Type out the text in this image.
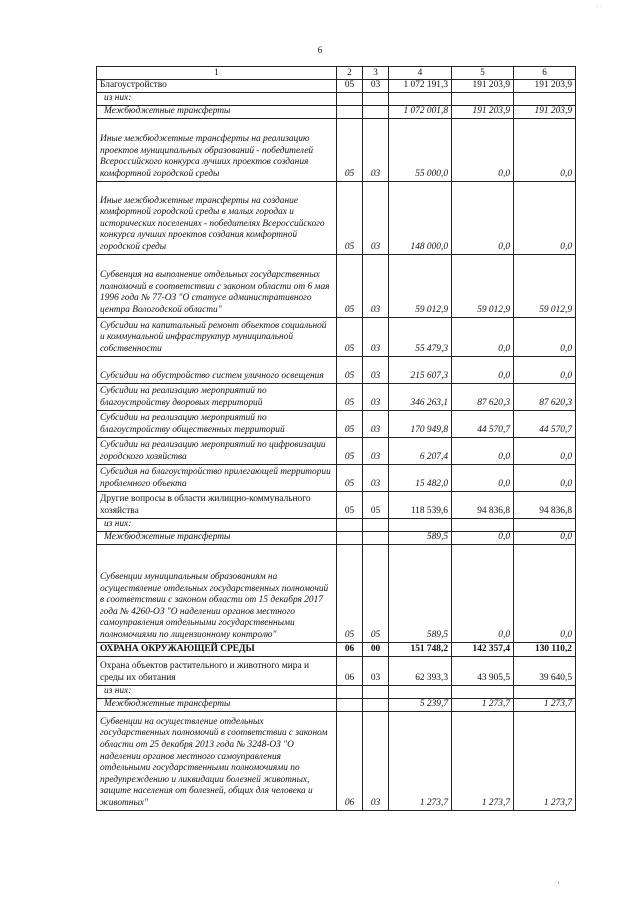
6
1	2	3	4	5	6
Благоустройство	05	03	1 072 191,3	191 203,9	191 203,9
из них:					
Межбюджетные трансферты			1 072 001,8	191 203,9	191 203,9
Иные межбюджетные трансферты на реализацию проектов муниципальных образований - победителей Всероссийского конкурса лучших проектов создания комфортной городской среды	05	03	55 000,0	0,0	0,0
Иные межбюджетные трансферты на создание комфортной городской среды в малых городах и исторических поселениях - победителях Всероссийского конкурса лучших проектов создания комфортной городской среды	05	03	148 000,0	0,0	0,0
Субвенция на выполнение отдельных государственных полномочий в соответствии с законом области от 6 мая 1996 года № 77-ОЗ "О статусе административного центра Вологодской области"	05	03	59 012,9	59 012,9	59 012,9
Субсидии на капитальный ремонт объектов социальной и коммунальной инфраструктур муниципальной собственности	05	03	55 479,3	0,0	0,0
Субсидии на обустройство систем уличного освещения	05	03	215 607,3	0,0	0,0
Субсидии на реализацию мероприятий по благоустройству дворовых территорий	05	03	346 263,1	87 620,3	87 620,3
Субсидии на реализацию мероприятий по благоустройству общественных территорий	05	03	170 949,8	44 570,7	44 570,7
Субсидии на реализацию мероприятий по цифровизации городского хозяйства	05	03	6 207,4	0,0	0,0
Субсидия на благоустройство прилегающей территории проблемного объекта	05	03	15 482,0	0,0	0,0
Другие вопросы в области жилищно-коммунального хозяйства	05	05	118 539,6	94 836,8	94 836,8
из них:					
Межбюджетные трансферты			589,5	0,0	0,0
Субвенции муниципальным образованиям на осуществление отдельных государственных полномочий в соответствии с законом области от 15 декабря 2017 года № 4260-ОЗ "О наделении органов местного самоуправления отдельными государственными полномочиями по лицензионному контролю"	05	05	589,5	0,0	0,0
ОХРАНА ОКРУЖАЮЩЕЙ СРЕДЫ	06	00	151 748,2	142 357,4	130 110,2
Охрана объектов растительного и животного мира и среды их обитания	06	03	62 393,3	43 905,5	39 640,5
из них:					
Межбюджетные трансферты			5 239,7	1 273,7	1 273,7
Субвенции на осуществление отдельных государственных полномочий в соответствии с законом области от 25 декабря 2013 года № 3248-ОЗ "О наделении органов местного самоуправления отдельными государственными полномочиями по предупреждению и ликвидации болезней животных, защите населения от болезней, общих для человека и животных"	06	03	1 273,7	1 273,7	1 273,7
· ı
· ·
